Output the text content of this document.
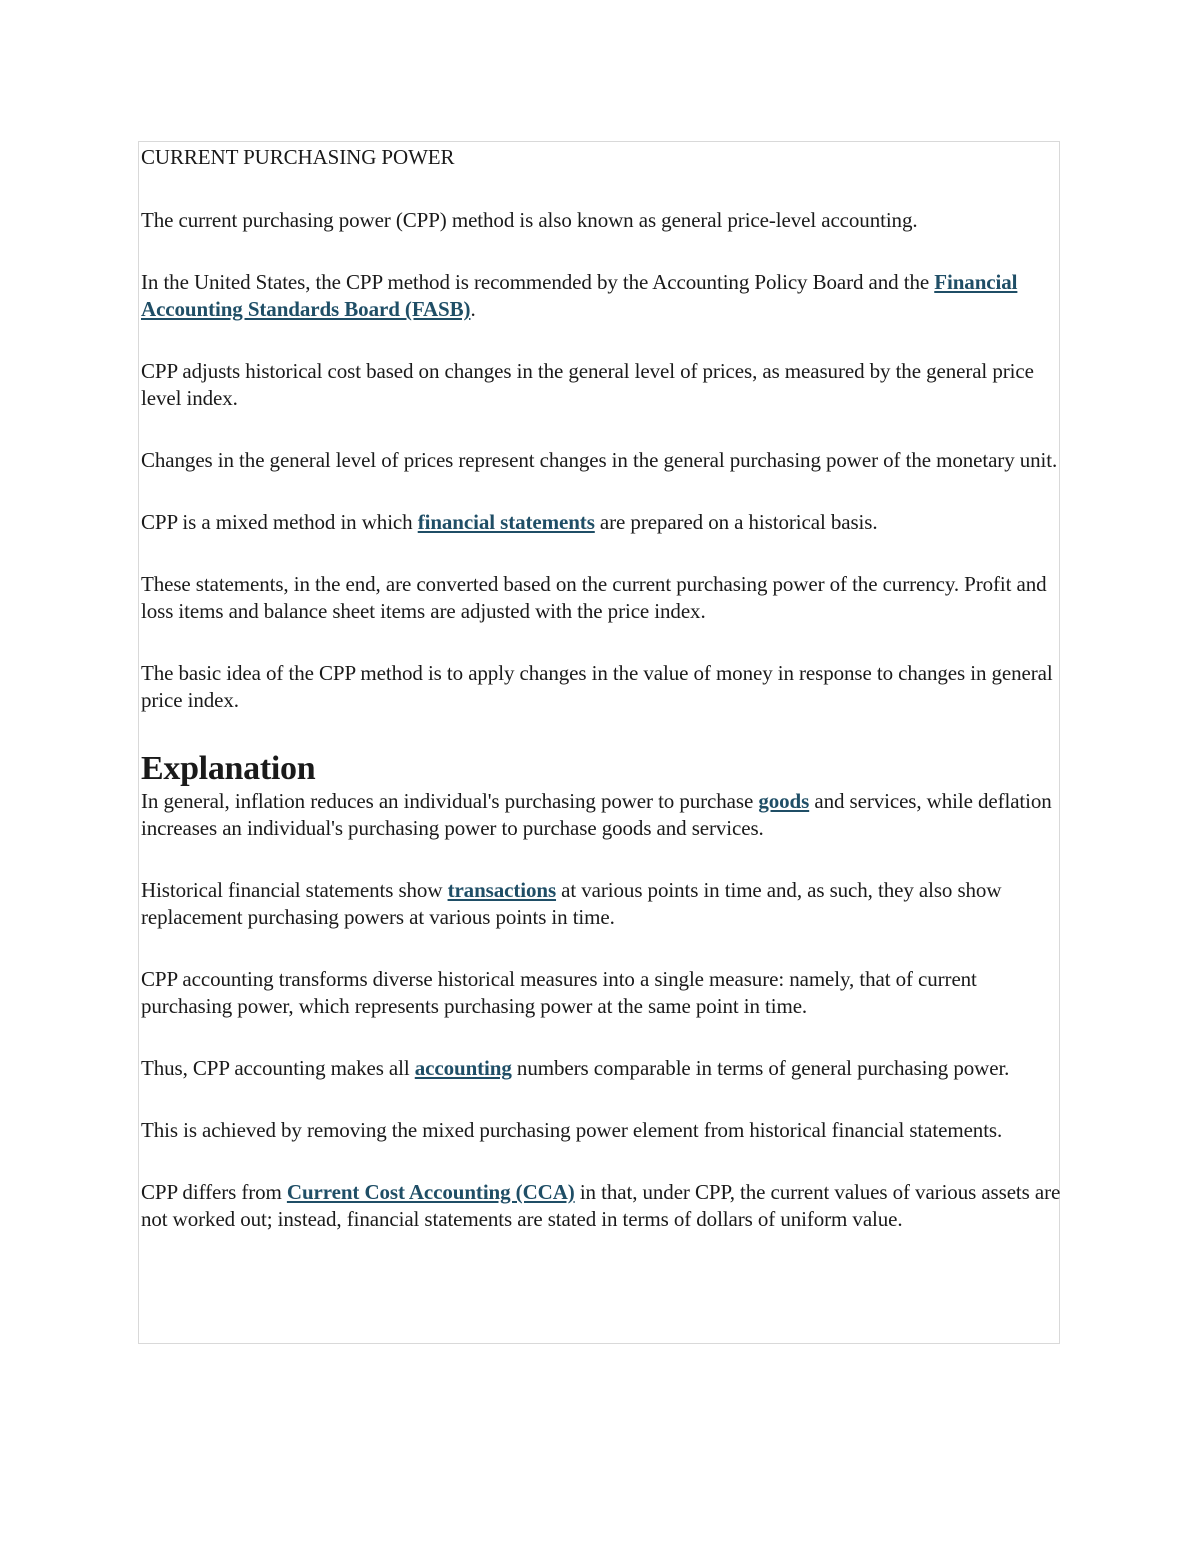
CURRENT PURCHASING POWER

The current purchasing power (CPP) method is also known as general price-level accounting.

In the United States, the CPP method is recommended by the Accounting Policy Board and the Financial Accounting Standards Board (FASB).

CPP adjusts historical cost based on changes in the general level of prices, as measured by the general price level index.

Changes in the general level of prices represent changes in the general purchasing power of the monetary unit.

CPP is a mixed method in which financial statements are prepared on a historical basis.

These statements, in the end, are converted based on the current purchasing power of the currency. Profit and loss items and balance sheet items are adjusted with the price index.

The basic idea of the CPP method is to apply changes in the value of money in response to changes in general price index.

Explanation

In general, inflation reduces an individual's purchasing power to purchase goods and services, while deflation increases an individual's purchasing power to purchase goods and services.

Historical financial statements show transactions at various points in time and, as such, they also show replacement purchasing powers at various points in time.

CPP accounting transforms diverse historical measures into a single measure: namely, that of current purchasing power, which represents purchasing power at the same point in time.

Thus, CPP accounting makes all accounting numbers comparable in terms of general purchasing power.

This is achieved by removing the mixed purchasing power element from historical financial statements.

CPP differs from Current Cost Accounting (CCA) in that, under CPP, the current values of various assets are not worked out; instead, financial statements are stated in terms of dollars of uniform value.
